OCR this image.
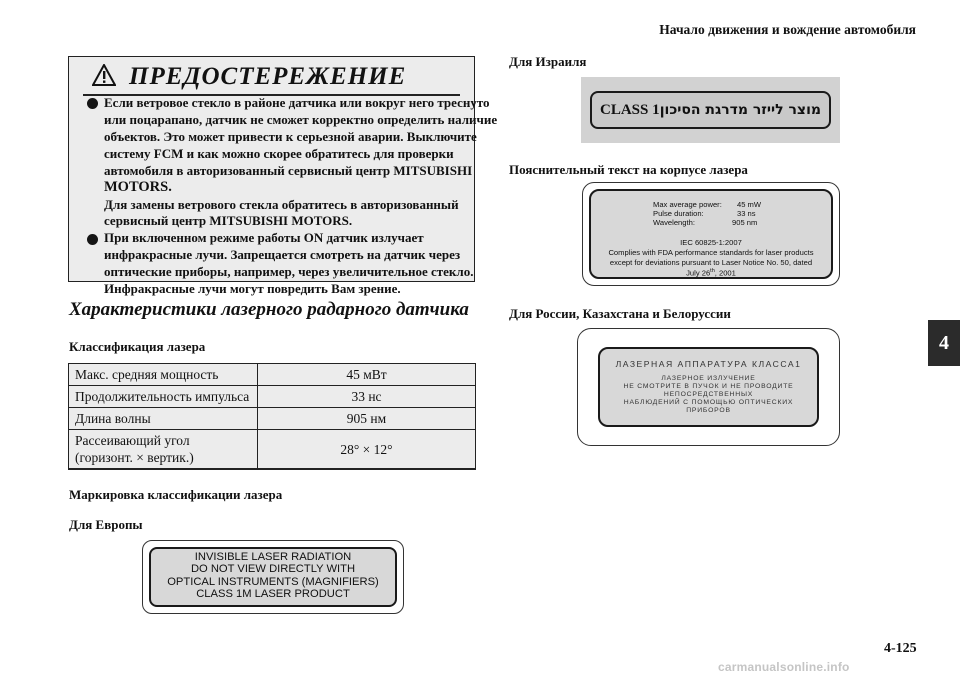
Начало движения и вождение автомобиля
4
4-125
carmanualsonline.info
ПРЕДОСТЕРЕЖЕНИЕ
Если ветровое стекло в районе датчика или вокруг него треснуто
или поцарапано, датчик не сможет корректно определить наличие
объектов. Это может привести к серьезной аварии. Выключите
систему FCM и как можно скорее обратитесь для проверки
автомобиля в авторизованный сервисный центр MITSUBISHI
MOTORS.
Для замены ветрового стекла обратитесь в авторизованный
сервисный центр MITSUBISHI MOTORS.
При включенном режиме работы ON датчик излучает
инфракрасные лучи. Запрещается смотреть на датчик через
оптические приборы, например, через увеличительное стекло.
Инфракрасные лучи могут повредить Вам зрение.
Характеристики лазерного радарного датчика
Классификация лазера
Макс. средняя мощность	45 мВт
Продолжительность импульса	33 нс
Длина волны	905 нм

Рассеивающий угол
(горизонт. × вертик.)	28° × 12°
Маркировка классификации лазера
Для Европы
INVISIBLE LASER RADIATION
DO NOT VIEW DIRECTLY WITH
OPTICAL INSTRUMENTS (MAGNIFIERS)
CLASS 1M LASER PRODUCT
Для Израиля
CLASS 1 מוצר לייזר מדרגת הסיכון
Пояснительный текст на корпусе лазера
Max average power: 45 mW
Pulse duration:	33 ns
Wavelength:	905 nm
IEC 60825-1:2007
Complies with FDA performance standards for laser products
except for deviations pursuant to Laser Notice No. 50, dated
July 26th, 2001
Для России, Казахстана и Белоруссии
ЛАЗЕРНАЯ АППАРАТУРА КЛАССА1
ЛАЗЕРНОЕ ИЗЛУЧЕНИЕ
НЕ СМОТРИТЕ В ПУЧОК И НЕ ПРОВОДИТЕ
НЕПОСРЕДСТВЕННЫХ
НАБЛЮДЕНИЙ С ПОМОЩЬЮ ОПТИЧЕСКИХ
ПРИБОРОВ
